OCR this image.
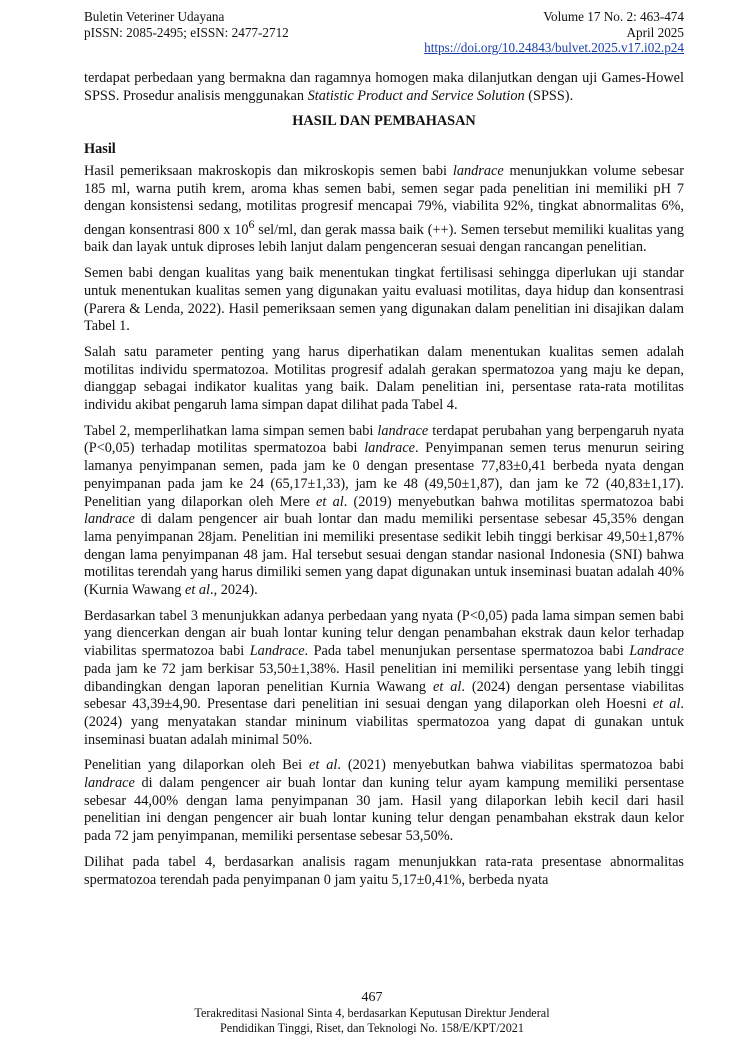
Buletin Veteriner Udayana
pISSN: 2085-2495; eISSN: 2477-2712
Volume 17 No. 2: 463-474
April 2025
https://doi.org/10.24843/bulvet.2025.v17.i02.p24

terdapat perbedaan yang bermakna dan ragamnya homogen maka dilanjutkan dengan uji Games-Howel SPSS. Prosedur analisis menggunakan Statistic Product and Service Solution (SPSS).

HASIL DAN PEMBAHASAN
Hasil

Hasil pemeriksaan makroskopis dan mikroskopis semen babi landrace menunjukkan volume sebesar 185 ml, warna putih krem, aroma khas semen babi, semen segar pada penelitian ini memiliki pH 7 dengan konsistensi sedang, motilitas progresif mencapai 79%, viabilita 92%, tingkat abnormalitas 6%, dengan konsentrasi 800 x $10^6$ sel/ml, dan gerak massa baik (++). Semen tersebut memiliki kualitas yang baik dan layak untuk diproses lebih lanjut dalam pengenceran sesuai dengan rancangan penelitian.

Semen babi dengan kualitas yang baik menentukan tingkat fertilisasi sehingga diperlukan uji standar untuk menentukan kualitas semen yang digunakan yaitu evaluasi motilitas, daya hidup dan konsentrasi (Parera & Lenda, 2022). Hasil pemeriksaan semen yang digunakan dalam penelitian ini disajikan dalam Tabel 1.

Salah satu parameter penting yang harus diperhatikan dalam menentukan kualitas semen adalah motilitas individu spermatozoa. Motilitas progresif adalah gerakan spermatozoa yang maju ke depan, dianggap sebagai indikator kualitas yang baik. Dalam penelitian ini, persentase rata-rata motilitas individu akibat pengaruh lama simpan dapat dilihat pada Tabel 4.

Tabel 2, memperlihatkan lama simpan semen babi landrace terdapat perubahan yang berpengaruh nyata (P<0,05) terhadap motilitas spermatozoa babi landrace. Penyimpanan semen terus menurun seiring lamanya penyimpanan semen, pada jam ke 0 dengan presentase 77,83±0,41 berbeda nyata dengan penyimpanan pada jam ke 24 (65,17±1,33), jam ke 48 (49,50±1,87), dan jam ke 72 (40,83±1,17). Penelitian yang dilaporkan oleh Mere et al. (2019) menyebutkan bahwa motilitas spermatozoa babi landrace di dalam pengencer air buah lontar dan madu memiliki persentase sebesar 45,35% dengan lama penyimpanan 28jam. Penelitian ini memiliki presentase sedikit lebih tinggi berkisar 49,50±1,87% dengan lama penyimpanan 48 jam. Hal tersebut sesuai dengan standar nasional Indonesia (SNI) bahwa motilitas terendah yang harus dimiliki semen yang dapat digunakan untuk inseminasi buatan adalah 40% (Kurnia Wawang et al., 2024).

Berdasarkan tabel 3 menunjukkan adanya perbedaan yang nyata (P<0,05) pada lama simpan semen babi yang diencerkan dengan air buah lontar kuning telur dengan penambahan ekstrak daun kelor terhadap viabilitas spermatozoa babi Landrace. Pada tabel menunjukan persentase spermatozoa babi Landrace pada jam ke 72 jam berkisar 53,50±1,38%. Hasil penelitian ini memiliki persentase yang lebih tinggi dibandingkan dengan laporan penelitian Kurnia Wawang et al. (2024) dengan persentase viabilitas sebesar 43,39±4,90. Presentase dari penelitian ini sesuai dengan yang dilaporkan oleh Hoesni et al. (2024) yang menyatakan standar mininum viabilitas spermatozoa yang dapat di gunakan untuk inseminasi buatan adalah minimal 50%.

Penelitian yang dilaporkan oleh Bei et al. (2021) menyebutkan bahwa viabilitas spermatozoa babi landrace di dalam pengencer air buah lontar dan kuning telur ayam kampung memiliki persentase sebesar 44,00% dengan lama penyimpanan 30 jam. Hasil yang dilaporkan lebih kecil dari hasil penelitian ini dengan pengencer air buah lontar kuning telur dengan penambahan ekstrak daun kelor pada 72 jam penyimpanan, memiliki persentase sebesar 53,50%.

Dilihat pada tabel 4, berdasarkan analisis ragam menunjukkan rata-rata presentase abnormalitas spermatozoa terendah pada penyimpanan 0 jam yaitu 5,17±0,41%, berbeda nyata

467
Terakreditasi Nasional Sinta 4, berdasarkan Keputusan Direktur Jenderal
Pendidikan Tinggi, Riset, dan Teknologi No. 158/E/KPT/2021
